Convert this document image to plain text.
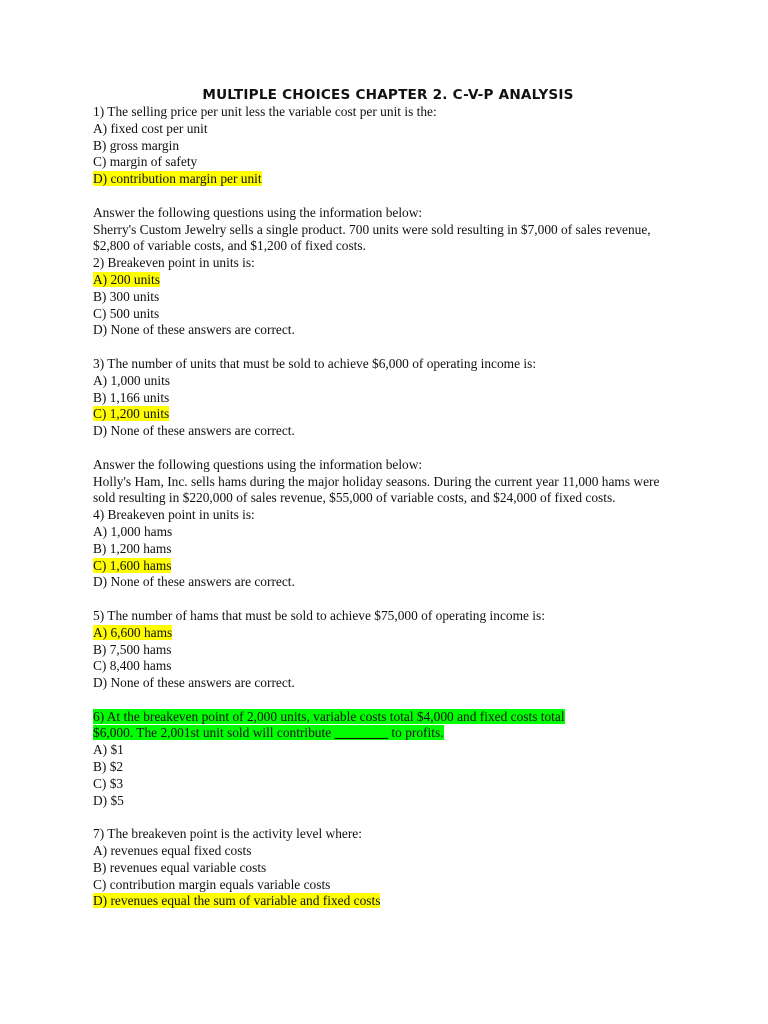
MULTIPLE CHOICES CHAPTER 2. C-V-P ANALYSIS
1) The selling price per unit less the variable cost per unit is the:
A) fixed cost per unit
B) gross margin
C) margin of safety
D) contribution margin per unit
Answer the following questions using the information below:
Sherry's Custom Jewelry sells a single product. 700 units were sold resulting in $7,000 of sales revenue, $2,800 of variable costs, and $1,200 of fixed costs.
2) Breakeven point in units is:
A) 200 units
B) 300 units
C) 500 units
D) None of these answers are correct.
3) The number of units that must be sold to achieve $6,000 of operating income is:
A) 1,000 units
B) 1,166 units
C) 1,200 units
D) None of these answers are correct.
Answer the following questions using the information below:
Holly's Ham, Inc. sells hams during the major holiday seasons. During the current year 11,000 hams were sold resulting in $220,000 of sales revenue, $55,000 of variable costs, and $24,000 of fixed costs.
4) Breakeven point in units is:
A) 1,000 hams
B) 1,200 hams
C) 1,600 hams
D) None of these answers are correct.
5) The number of hams that must be sold to achieve $75,000 of operating income is:
A) 6,600 hams
B) 7,500 hams
C) 8,400 hams
D) None of these answers are correct.
6) At the breakeven point of 2,000 units, variable costs total $4,000 and fixed costs total
$6,000. The 2,001st unit sold will contribute ________ to profits.
A) $1
B) $2
C) $3
D) $5
7) The breakeven point is the activity level where:
A) revenues equal fixed costs
B) revenues equal variable costs
C) contribution margin equals variable costs
D) revenues equal the sum of variable and fixed costs
